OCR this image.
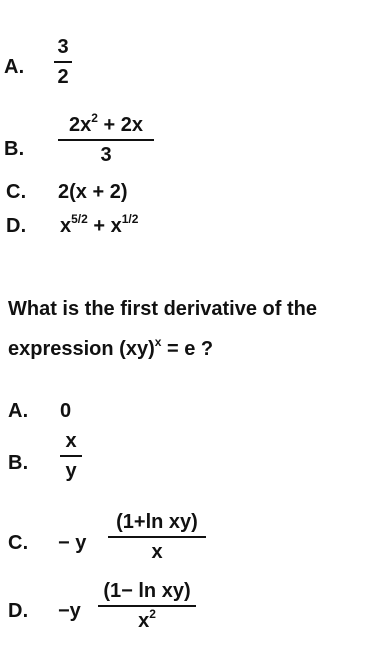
A.
3
2
B.
$2x^2 + 2x$
3
C. 2(x + 2)
D. $x^{5/2} + x^{1/2}$
What is the first derivative of the
expression (xy)$^x$ = e ?
A. 0
B.
x
y
C. − y
(1+ln xy)
x
D. −y
(1− ln xy)
$x^2$
